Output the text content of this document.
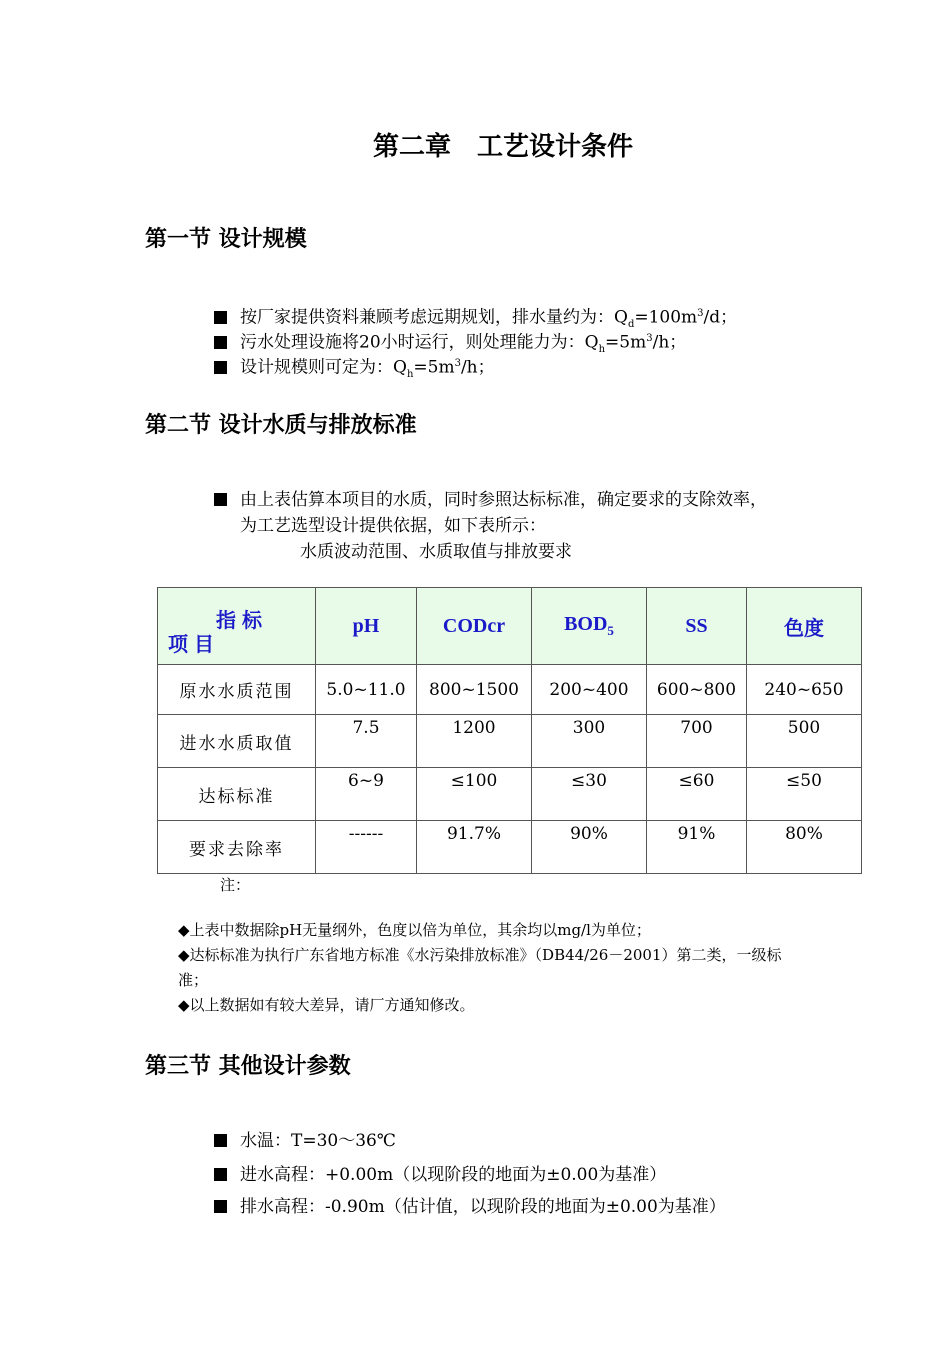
第二章　工艺设计条件
第一节 设计规模
按厂家提供资料兼顾考虑远期规划，排水量约为：$Q_d=100m^3/d$；
污水处理设施将20小时运行，则处理能力为：$Q_h=5m^3/h$；
设计规模则可定为：$Q_h=5m^3/h$；
第二节 设计水质与排放标准
由上表估算本项目的水质，同时参照达标标准，确定要求的支除效率，
为工艺选型设计提供依据，如下表所示：
水质波动范围、水质取值与排放要求
指标
项目	pH	CODcr	$BOD_5$	SS	色度
原水水质范围	5.0~11.0	800~1500	200~400	600~800	240~650
进水水质取值	7.5	1200	300	700	500
达标标准	6~9	≤100	≤30	≤60	≤50
要求去除率	------	91.7%	90%	91%	80%
注：
◆上表中数据除pH无量纲外，色度以倍为单位，其余均以mg/l为单位；
◆达标标准为执行广东省地方标准《水污染排放标准》（DB44/26－2001）第二类，一级标
准；
◆以上数据如有较大差异，请厂方通知修改。
第三节 其他设计参数
水温：T=30～36℃
进水高程：+0.00m（以现阶段的地面为±0.00为基准）
排水高程：-0.90m（估计值，以现阶段的地面为±0.00为基准）
